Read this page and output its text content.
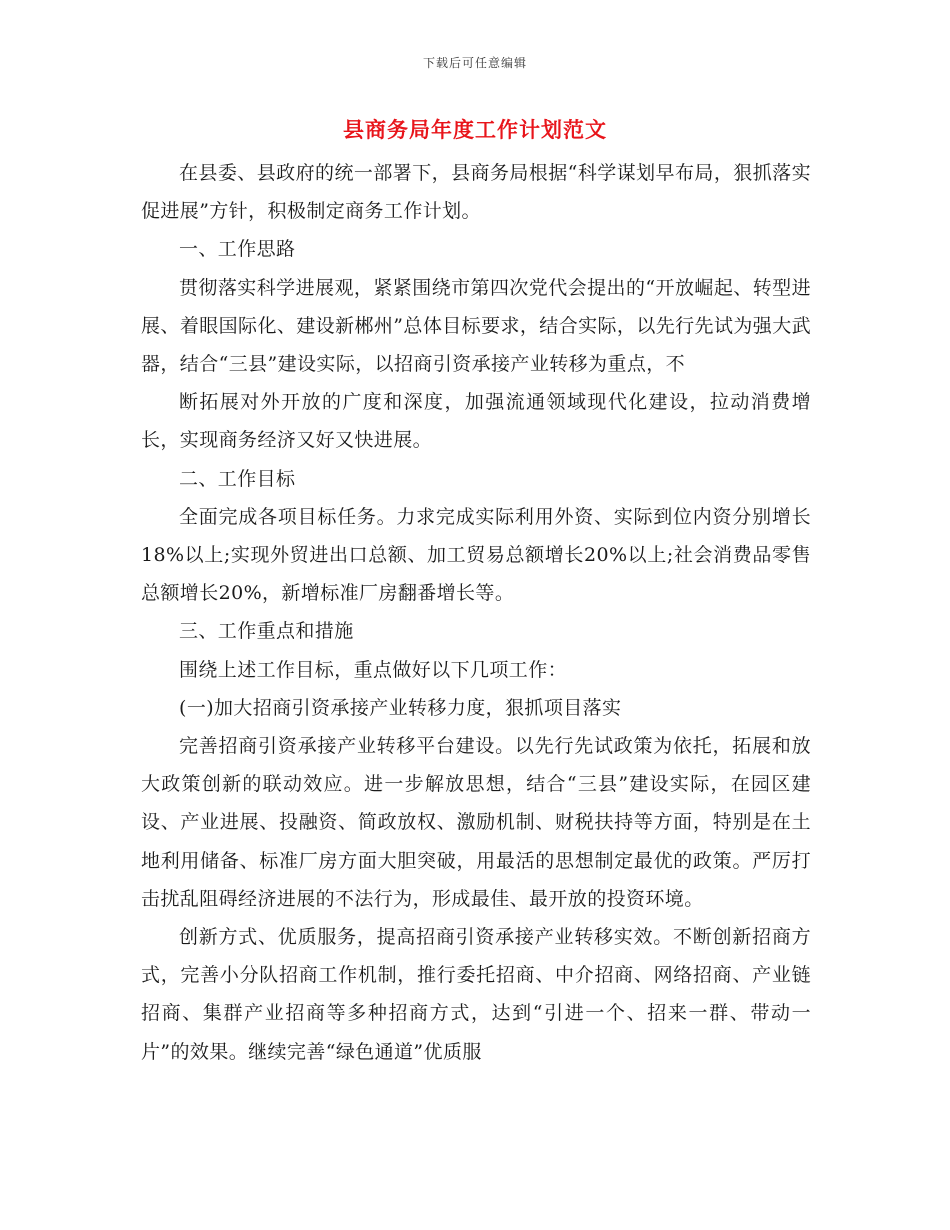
下载后可任意编辑
县商务局年度工作计划范文

在县委、县政府的统一部署下，县商务局根据“科学谋划早布局，狠抓落实促进展”方针，积极制定商务工作计划。

一、工作思路

贯彻落实科学进展观，紧紧围绕市第四次党代会提出的“开放崛起、转型进展、着眼国际化、建设新郴州”总体目标要求，结合实际，以先行先试为强大武器，结合“三县”建设实际，以招商引资承接产业转移为重点，不

断拓展对外开放的广度和深度，加强流通领域现代化建设，拉动消费增长，实现商务经济又好又快进展。

二、工作目标

全面完成各项目标任务。力求完成实际利用外资、实际到位内资分别增长18%以上;实现外贸进出口总额、加工贸易总额增长20%以上;社会消费品零售总额增长20%，新增标准厂房翻番增长等。

三、工作重点和措施

围绕上述工作目标，重点做好以下几项工作：

(一)加大招商引资承接产业转移力度，狠抓项目落实

完善招商引资承接产业转移平台建设。以先行先试政策为依托，拓展和放大政策创新的联动效应。进一步解放思想，结合“三县”建设实际，在园区建设、产业进展、投融资、简政放权、激励机制、财税扶持等方面，特别是在土地利用储备、标准厂房方面大胆突破，用最活的思想制定最优的政策。严厉打击扰乱阻碍经济进展的不法行为，形成最佳、最开放的投资环境。

创新方式、优质服务，提高招商引资承接产业转移实效。不断创新招商方式，完善小分队招商工作机制，推行委托招商、中介招商、网络招商、产业链招商、集群产业招商等多种招商方式，达到“引进一个、招来一群、带动一片”的效果。继续完善“绿色通道”优质服
